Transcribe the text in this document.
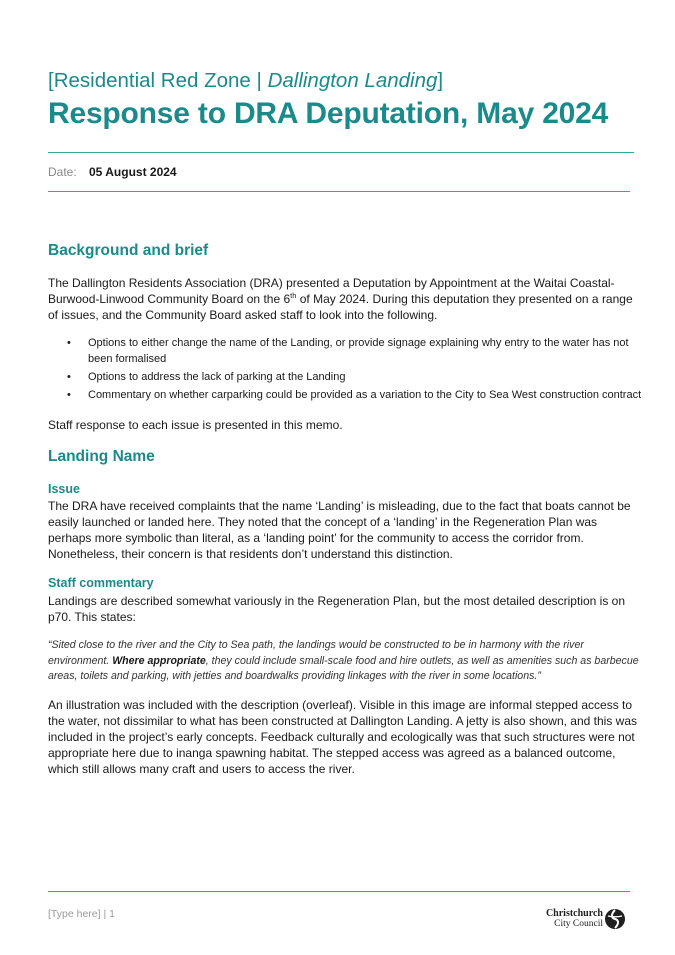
[Residential Red Zone | Dallington Landing]
Response to DRA Deputation, May 2024
Date: 05 August 2024
Background and brief
The Dallington Residents Association (DRA) presented a Deputation by Appointment at the Waitai Coastal-Burwood-Linwood Community Board on the 6th of May 2024. During this deputation they presented on a range of issues, and the Community Board asked staff to look into the following.
• Options to either change the name of the Landing, or provide signage explaining why entry to the water has not been formalised
• Options to address the lack of parking at the Landing
• Commentary on whether carparking could be provided as a variation to the City to Sea West construction contract
Staff response to each issue is presented in this memo.
Landing Name
Issue
The DRA have received complaints that the name ‘Landing’ is misleading, due to the fact that boats cannot be easily launched or landed here. They noted that the concept of a ‘landing’ in the Regeneration Plan was perhaps more symbolic than literal, as a ‘landing point’ for the community to access the corridor from. Nonetheless, their concern is that residents don’t understand this distinction.
Staff commentary
Landings are described somewhat variously in the Regeneration Plan, but the most detailed description is on p70. This states:
“Sited close to the river and the City to Sea path, the landings would be constructed to be in harmony with the river environment. Where appropriate, they could include small-scale food and hire outlets, as well as amenities such as barbecue areas, toilets and parking, with jetties and boardwalks providing linkages with the river in some locations.”
An illustration was included with the description (overleaf). Visible in this image are informal stepped access to the water, not dissimilar to what has been constructed at Dallington Landing. A jetty is also shown, and this was included in the project’s early concepts. Feedback culturally and ecologically was that such structures were not appropriate here due to inanga spawning habitat. The stepped access was agreed as a balanced outcome, which still allows many craft and users to access the river.
[Type here] | 1	Christchurch
City Council
